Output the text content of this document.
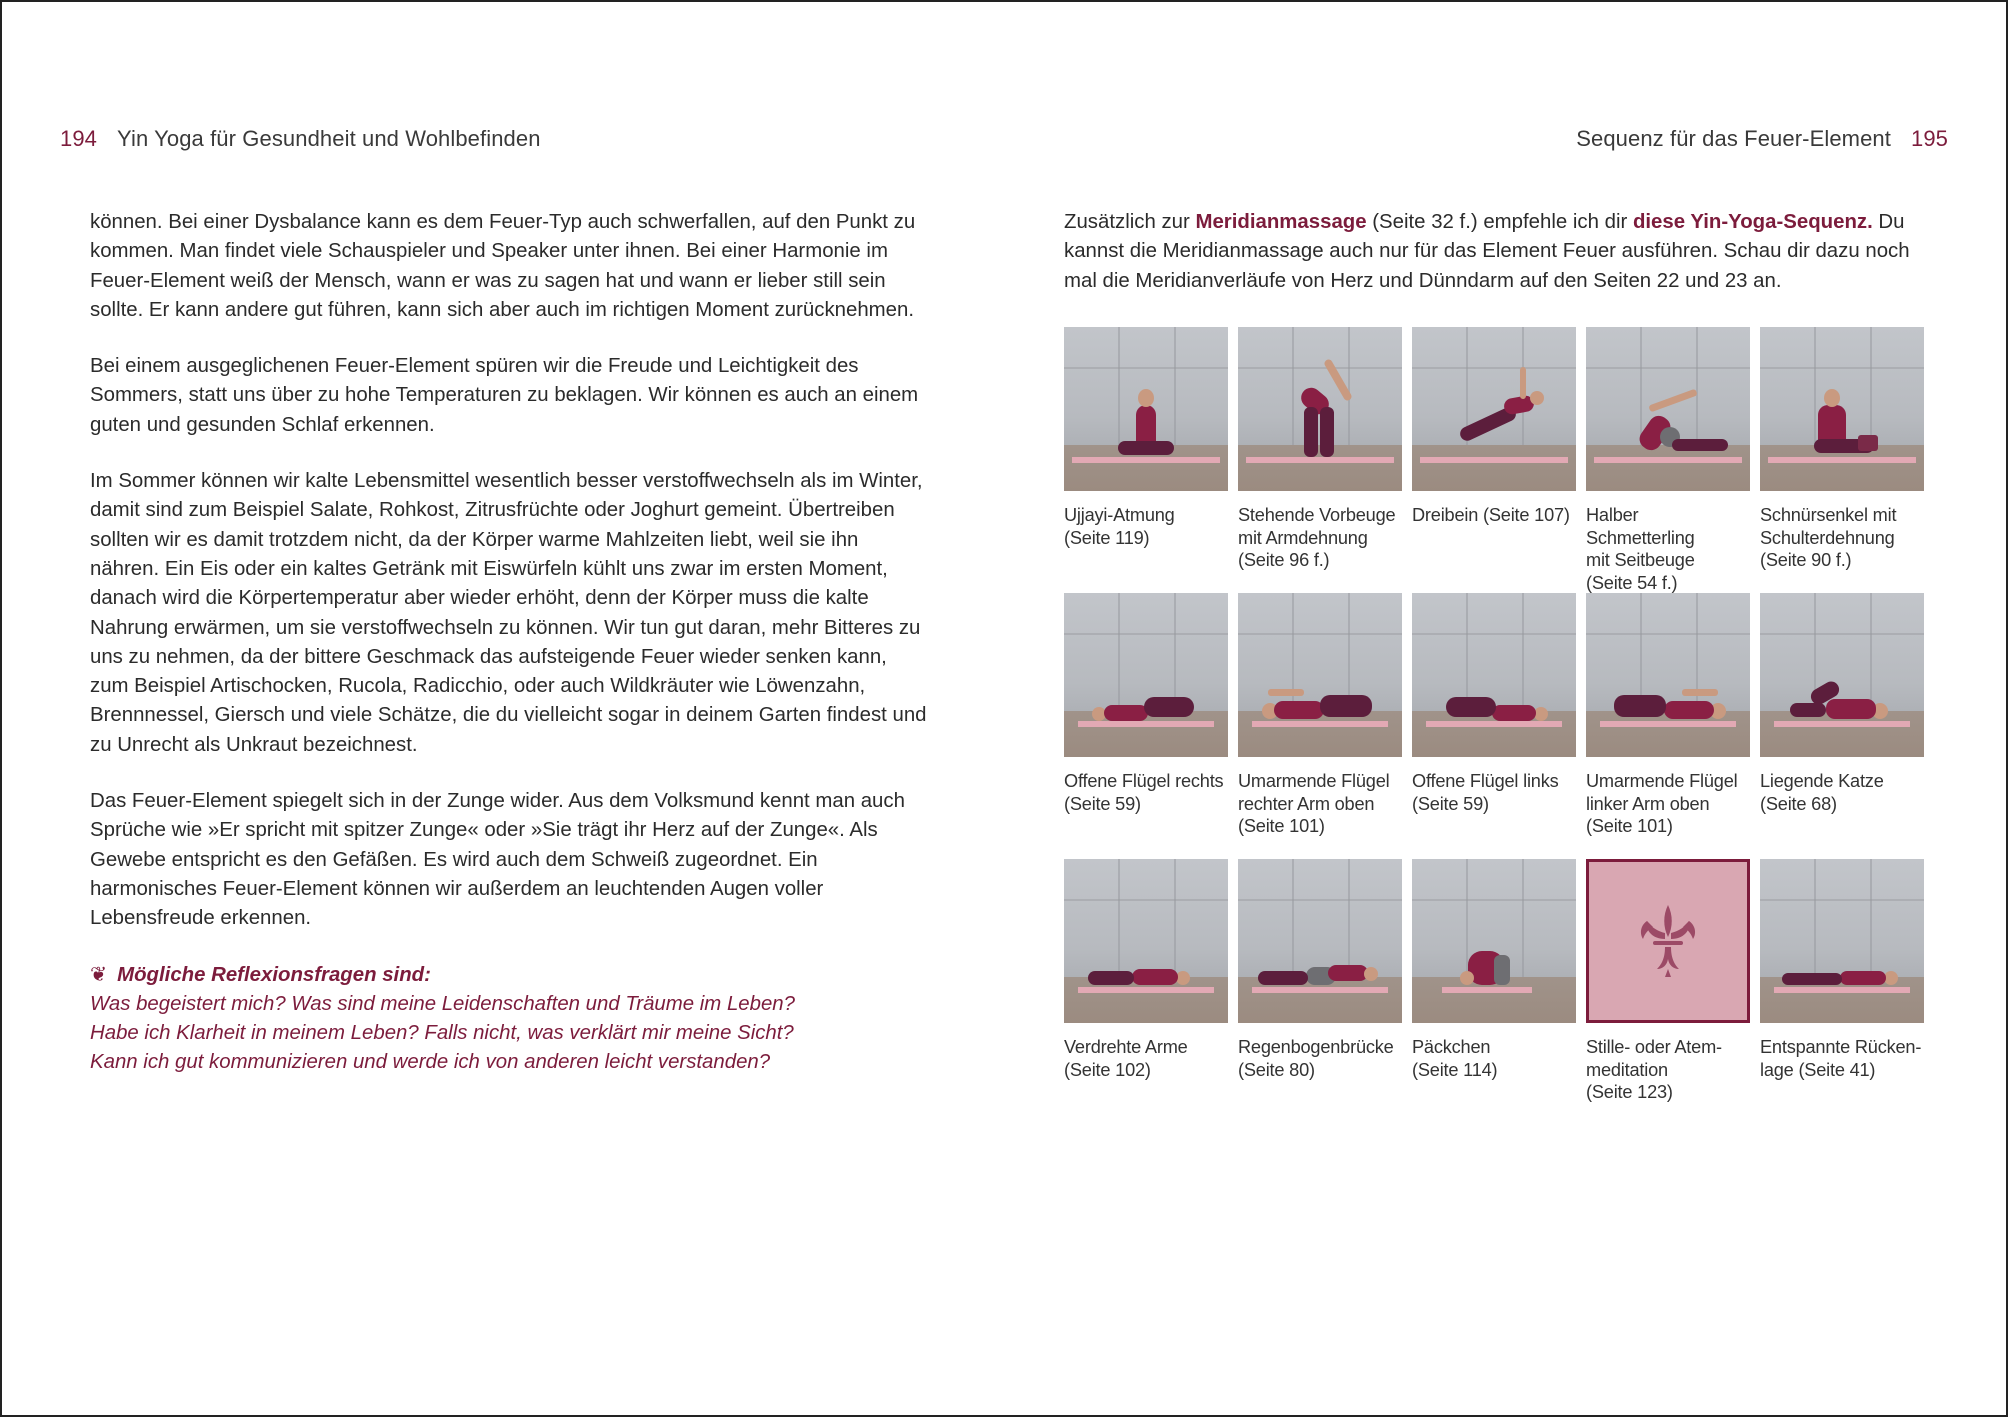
194 Yin Yoga für Gesundheit und Wohlbefinden	Sequenz für das Feuer-Element 195

können. Bei einer Dysbalance kann es dem Feuer-Typ auch schwerfallen, auf den Punkt zu kommen. Man findet viele Schauspieler und Speaker unter ihnen. Bei einer Harmonie im Feuer-Element weiß der Mensch, wann er was zu sagen hat und wann er lieber still sein sollte. Er kann andere gut führen, kann sich aber auch im richtigen Moment zurücknehmen.

Bei einem ausgeglichenen Feuer-Element spüren wir die Freude und Leichtigkeit des Sommers, statt uns über zu hohe Temperaturen zu beklagen. Wir können es auch an einem guten und gesunden Schlaf erkennen.

Im Sommer können wir kalte Lebensmittel wesentlich besser verstoffwechseln als im Winter, damit sind zum Beispiel Salate, Rohkost, Zitrusfrüchte oder Joghurt gemeint. Übertreiben sollten wir es damit trotzdem nicht, da der Körper warme Mahlzeiten liebt, weil sie ihn nähren. Ein Eis oder ein kaltes Getränk mit Eiswürfeln kühlt uns zwar im ersten Moment, danach wird die Körpertemperatur aber wieder erhöht, denn der Körper muss die kalte Nahrung erwärmen, um sie verstoffwechseln zu können. Wir tun gut daran, mehr Bitteres zu uns zu nehmen, da der bittere Geschmack das aufsteigende Feuer wieder senken kann, zum Beispiel Artischocken, Rucola, Radicchio, oder auch Wildkräuter wie Löwenzahn, Brennnessel, Giersch und viele Schätze, die du vielleicht sogar in deinem Garten findest und zu Unrecht als Unkraut bezeichnest.

Das Feuer-Element spiegelt sich in der Zunge wider. Aus dem Volksmund kennt man auch Sprüche wie »Er spricht mit spitzer Zunge« oder »Sie trägt ihr Herz auf der Zunge«. Als Gewebe entspricht es den Gefäßen. Es wird auch dem Schweiß zugeordnet. Ein harmonisches Feuer-Element können wir außerdem an leuchtenden Augen voller Lebensfreude erkennen.

❦ Mögliche Reflexionsfragen sind:
Was begeistert mich? Was sind meine Leidenschaften und Träume im Leben?
Habe ich Klarheit in meinem Leben? Falls nicht, was verklärt mir meine Sicht?
Kann ich gut kommunizieren und werde ich von anderen leicht verstanden?
Zusätzlich zur Meridianmassage (Seite 32 f.) empfehle ich dir diese Yin-Yoga-Sequenz. Du kannst die Meridianmassage auch nur für das Element Feuer ausführen. Schau dir dazu noch mal die Meridianverläufe von Herz und Dünndarm auf den Seiten 22 und 23 an.
Ujjayi-Atmung
(Seite 119)
Stehende Vorbeuge
mit Armdehnung
(Seite 96 f.)
Dreibein (Seite 107) Halber Schmetterling
mit Seitbeuge
(Seite 54 f.)
Schnürsenkel mit
Schulterdehnung
(Seite 90 f.)
Offene Flügel rechts
(Seite 59)
Umarmende Flügel
rechter Arm oben
(Seite 101)
Offene Flügel links
(Seite 59)
Umarmende Flügel
linker Arm oben
(Seite 101)
Liegende Katze
(Seite 68)
Verdrehte Arme
(Seite 102)
Regenbogenbrücke
(Seite 80)
Päckchen
(Seite 114)
Stille- oder Atem-
meditation
(Seite 123)
Entspannte Rücken-
lage (Seite 41)
